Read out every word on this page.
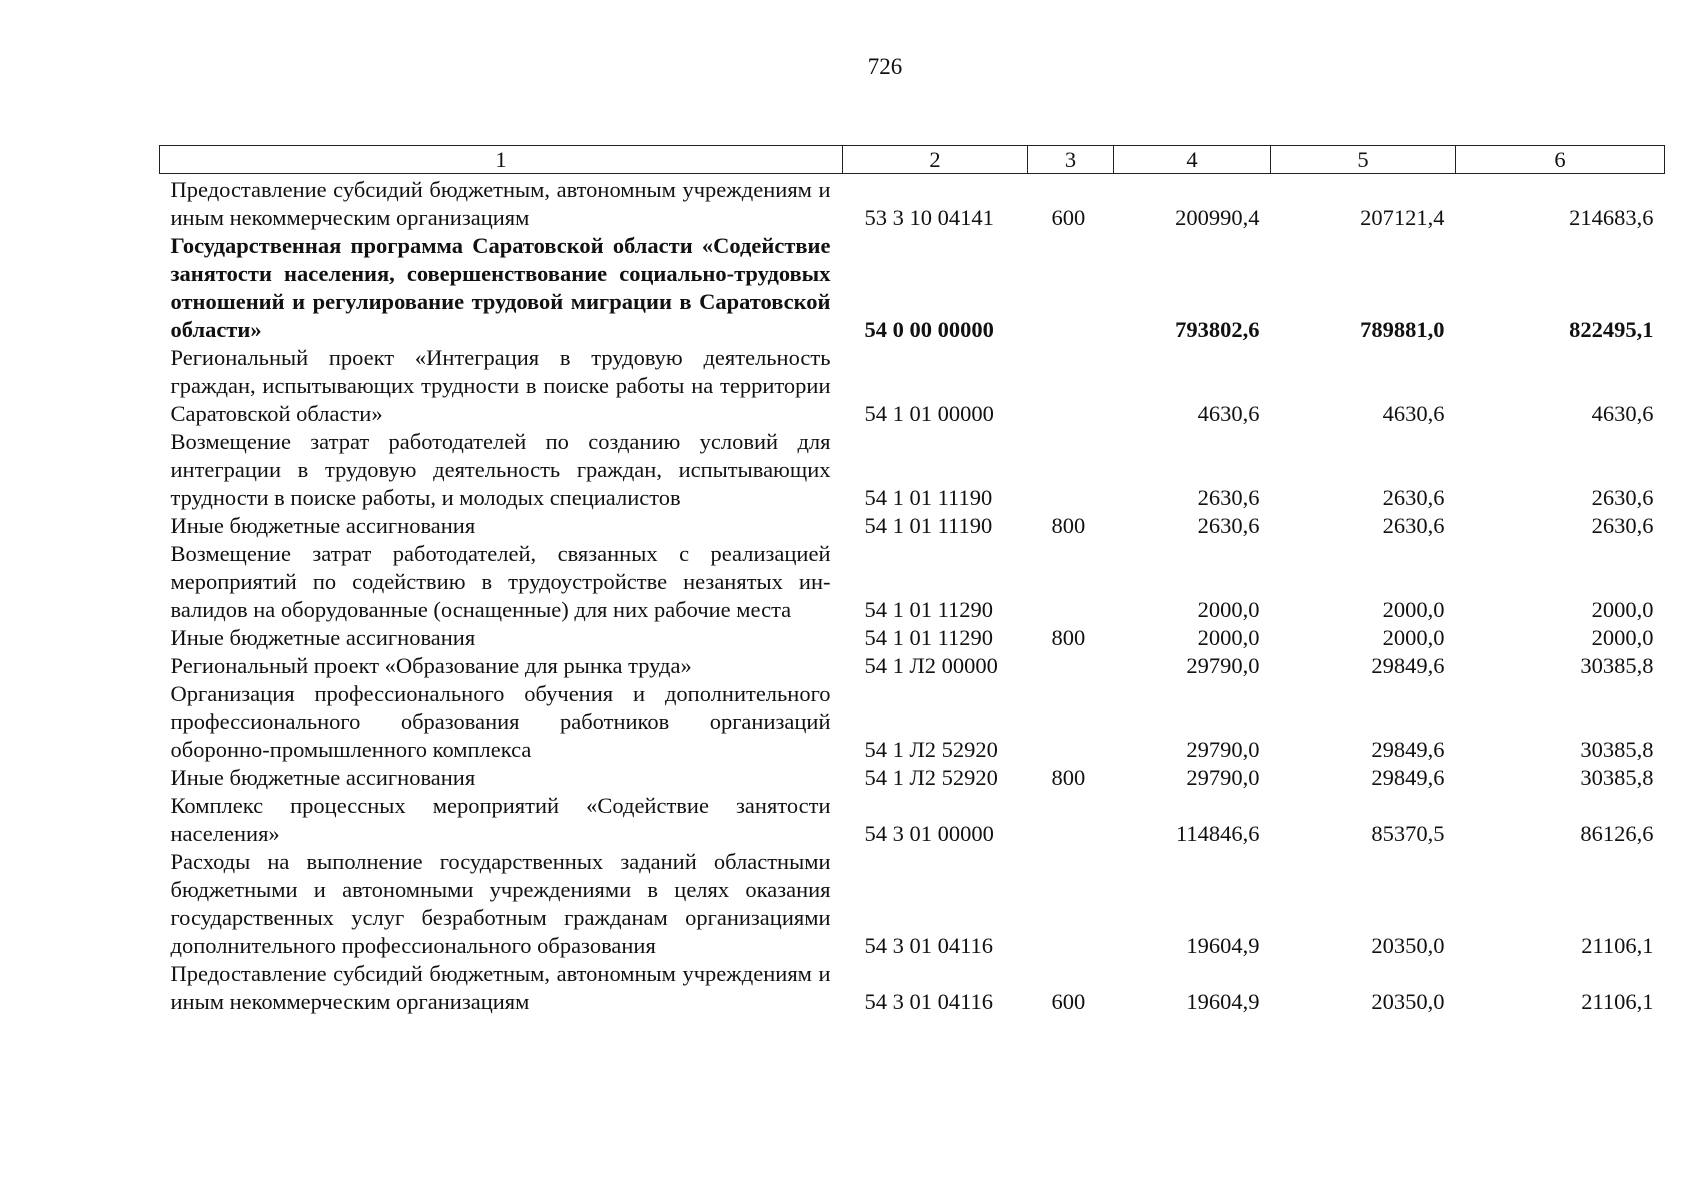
726
1	2	3	4	5	6
Предоставление субсидий бюджетным, автономным учреждениям и иным некоммерческим организациям	53 3 10 04141	600	200990,4	207121,4	214683,6
Государственная программа Саратовской области «Содействие занятости населения, совершенствование социально-трудовых отношений и регулирование трудовой миграции в Саратовской области»	54 0 00 00000		793802,6	789881,0	822495,1
Региональный проект «Интеграция в трудовую деятельность граждан, испытывающих трудности в поиске работы на территории Саратовской области»	54 1 01 00000		4630,6	4630,6	4630,6
Возмещение затрат работодателей по созданию условий для интеграции в трудовую деятельность граждан, испытывающих трудности в поиске работы, и молодых специалистов	54 1 01 11190		2630,6	2630,6	2630,6
Иные бюджетные ассигнования	54 1 01 11190	800	2630,6	2630,6	2630,6
Возмещение затрат работодателей, связанных с реализацией мероприятий по содействию в трудоустройстве незанятых инвалидов на оборудованные (оснащенные) для них рабочие места	54 1 01 11290		2000,0	2000,0	2000,0
Иные бюджетные ассигнования	54 1 01 11290	800	2000,0	2000,0	2000,0
Региональный проект «Образование для рынка труда»	54 1 Л2 00000		29790,0	29849,6	30385,8
Организация профессионального обучения и дополнительного профессионального образования работников организаций оборонно-промышленного комплекса	54 1 Л2 52920		29790,0	29849,6	30385,8
Иные бюджетные ассигнования	54 1 Л2 52920	800	29790,0	29849,6	30385,8
Комплекс процессных мероприятий «Содействие занятости населения»	54 3 01 00000		114846,6	85370,5	86126,6
Расходы на выполнение государственных заданий областными бюджетными и автономными учреждениями в целях оказания государственных услуг безработным гражданам организациями дополнительного профессионального образования	54 3 01 04116		19604,9	20350,0	21106,1
Предоставление субсидий бюджетным, автономным учреждениям и иным некоммерческим организациям	54 3 01 04116	600	19604,9	20350,0	21106,1
